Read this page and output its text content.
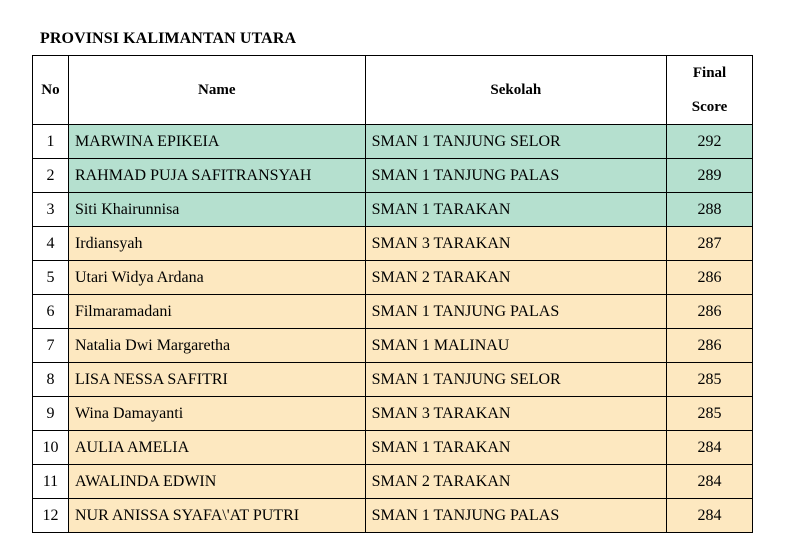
PROVINSI KALIMANTAN UTARA
No	Name	Sekolah	Final
Score
1	MARWINA EPIKEIA	SMAN 1 TANJUNG SELOR	292
2	RAHMAD PUJA SAFITRANSYAH	SMAN 1 TANJUNG PALAS	289
3	Siti Khairunnisa	SMAN 1 TARAKAN	288
4	Irdiansyah	SMAN 3 TARAKAN	287
5	Utari Widya Ardana	SMAN 2 TARAKAN	286
6	Filmaramadani	SMAN 1 TANJUNG PALAS	286
7	Natalia Dwi Margaretha	SMAN 1 MALINAU	286
8	LISA NESSA SAFITRI	SMAN 1 TANJUNG SELOR	285
9	Wina Damayanti	SMAN 3 TARAKAN	285
10	AULIA AMELIA	SMAN 1 TARAKAN	284
11	AWALINDA EDWIN	SMAN 2 TARAKAN	284
12	NUR ANISSA SYAFA\'AT PUTRI	SMAN 1 TANJUNG PALAS	284
